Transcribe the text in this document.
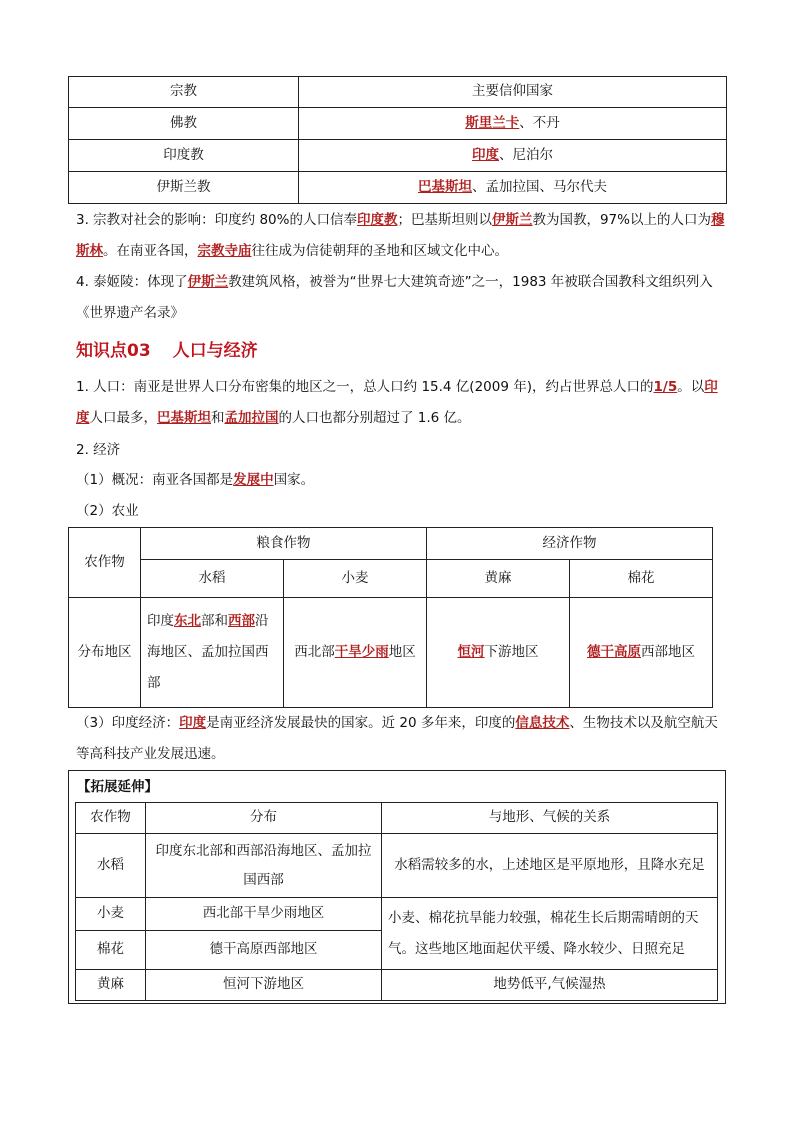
宗教	主要信仰国家
佛教	斯里兰卡、不丹
印度教	印度、尼泊尔
伊斯兰教	巴基斯坦、孟加拉国、马尔代夫

3. 宗教对社会的影响：印度约 80%的人口信奉印度教；巴基斯坦则以伊斯兰教为国教，97%以上的人口为穆斯林。在南亚各国，宗教寺庙往往成为信徒朝拜的圣地和区域文化中心。

4. 泰姬陵：体现了伊斯兰教建筑风格，被誉为“世界七大建筑奇迹”之一，1983 年被联合国教科文组织列入《世界遗产名录》

知识点03 人口与经济

1. 人口：南亚是世界人口分布密集的地区之一，总人口约 15.4 亿(2009 年)，约占世界总人口的1/5。以印度人口最多，巴基斯坦和孟加拉国的人口也都分别超过了 1.6 亿。

2. 经济

（1）概况：南亚各国都是发展中国家。

（2）农业

农作物	粮食作物		经济作物	
	水稻	小麦	黄麻	棉花
分布地区	印度东北部和西部沿海地区、孟加拉国西部	西北部干旱少雨地区	恒河下游地区	德干高原西部地区

（3）印度经济：印度是南亚经济发展最快的国家。近 20 多年来，印度的信息技术、生物技术以及航空航天等高科技产业发展迅速。

【拓展延伸】
农作物	分布	与地形、气候的关系
水稻	印度东北部和西部沿海地区、孟加拉国西部	水稻需较多的水，上述地区是平原地形，且降水充足
小麦	西北部干旱少雨地区	小麦、棉花抗旱能力较强，棉花生长后期需晴朗的天气。这些地区地面起伏平缓、降水较少、日照充足
棉花	德干高原西部地区	
黄麻	恒河下游地区	地势低平,气候湿热
